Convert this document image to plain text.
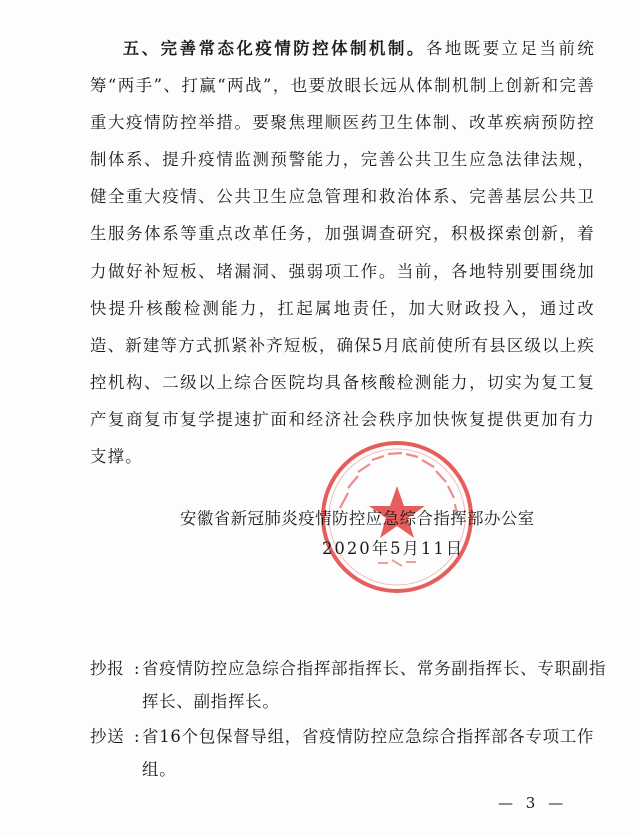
五、完善常态化疫情防控体制机制。各地既要立足当前统筹“两手”、打赢“两战”，也要放眼长远从体制机制上创新和完善重大疫情防控举措。要聚焦理顺医药卫生体制、改革疾病预防控制体系、提升疫情监测预警能力，完善公共卫生应急法律法规，健全重大疫情、公共卫生应急管理和救治体系、完善基层公共卫生服务体系等重点改革任务，加强调查研究，积极探索创新，着力做好补短板、堵漏洞、强弱项工作。当前，各地特别要围绕加快提升核酸检测能力，扛起属地责任，加大财政投入，通过改造、新建等方式抓紧补齐短板，确保5月底前使所有县区级以上疾控机构、二级以上综合医院均具备核酸检测能力，切实为复工复产复商复市复学提速扩面和经济社会秩序加快恢复提供更加有力支撑。

安徽省新冠肺炎疫情防控应急综合指挥部办公室
2020年5月11日
抄报 : 省疫情防控应急综合指挥部指挥长、常务副指挥长、专职副指挥长、副指挥长。
抄送 : 省16个包保督导组，省疫情防控应急综合指挥部各专项工作组。
— 3 —
